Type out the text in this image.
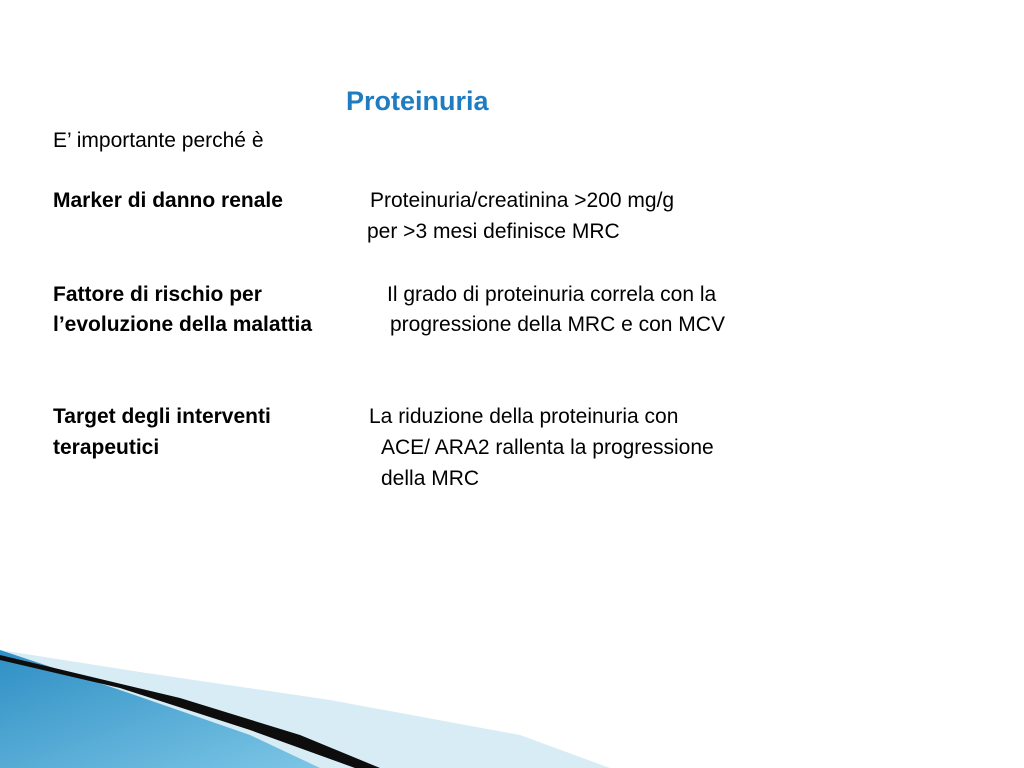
Proteinuria
E’ importante perché è
Marker di danno renale	Proteinuria/creatinina >200 mg/g
per >3 mesi definisce MRC
Fattore di rischio per
l’evoluzione della malattia
Il grado di proteinuria correla con la
progressione della MRC e con MCV
Target degli interventi
terapeutici
La riduzione della proteinuria con
ACE/ ARA2 rallenta la progressione
della MRC
